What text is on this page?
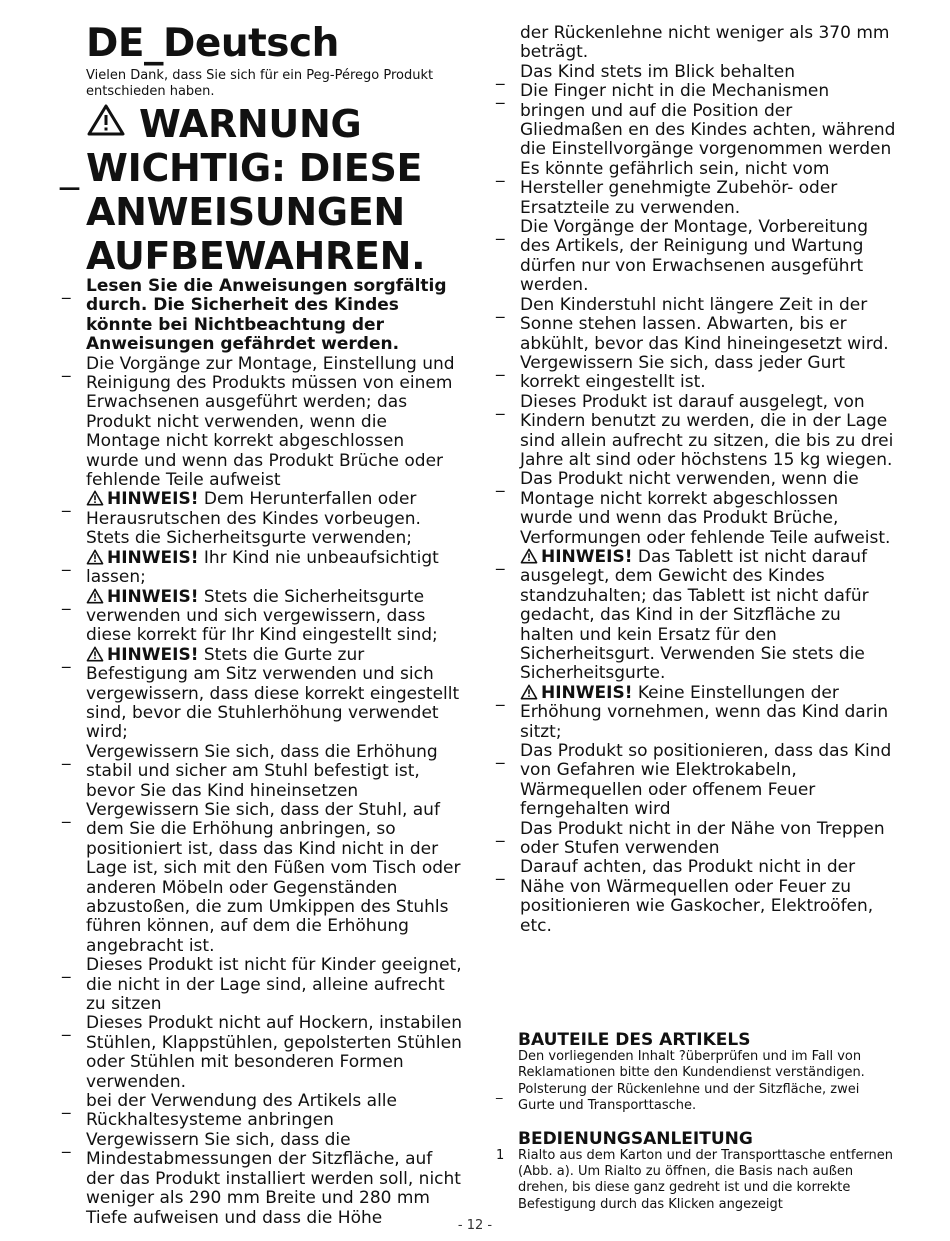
DE_Deutsch

Vielen Dank, dass Sie sich für ein Peg-Pérego Produkt entschieden haben.

_
WARNUNG
WICHTIG: DIESE
ANWEISUNGEN
AUFBEWAHREN.
_ Lesen Sie die Anweisungen sorgfältig durch. Die Sicherheit des Kindes könnte bei Nichtbeachtung der Anweisungen gefährdet werden.
_ Die Vorgänge zur Montage, Einstellung und Reinigung des Produkts müssen von einem Erwachsenen ausgeführt werden; das Produkt nicht verwenden, wenn die Montage nicht korrekt abgeschlossen wurde und wenn das Produkt Brüche oder fehlende Teile aufweist
_ HINWEIS! Dem Herunterfallen oder Herausrutschen des Kindes vorbeugen. Stets die Sicherheitsgurte verwenden;
_ HINWEIS! Ihr Kind nie unbeaufsichtigt lassen;
_ HINWEIS! Stets die Sicherheitsgurte verwenden und sich vergewissern, dass diese korrekt für Ihr Kind eingestellt sind;
_ HINWEIS! Stets die Gurte zur Befestigung am Sitz verwenden und sich vergewissern, dass diese korrekt eingestellt sind, bevor die Stuhlerhöhung verwendet wird;
_ Vergewissern Sie sich, dass die Erhöhung stabil und sicher am Stuhl befestigt ist, bevor Sie das Kind hineinsetzen
_ Vergewissern Sie sich, dass der Stuhl, auf dem Sie die Erhöhung anbringen, so positioniert ist, dass das Kind nicht in der Lage ist, sich mit den Füßen vom Tisch oder anderen Möbeln oder Gegenständen abzustoßen, die zum Umkippen des Stuhls führen können, auf dem die Erhöhung angebracht ist.
_ Dieses Produkt ist nicht für Kinder geeignet, die nicht in der Lage sind, alleine aufrecht zu sitzen
_ Dieses Produkt nicht auf Hockern, instabilen Stühlen, Klappstühlen, gepolsterten Stühlen oder Stühlen mit besonderen Formen verwenden.
_ bei der Verwendung des Artikels alle Rückhaltesysteme anbringen
_ Vergewissern Sie sich, dass die Mindestabmessungen der Sitzfläche, auf der das Produkt installiert werden soll, nicht weniger als 290 mm Breite und 280 mm Tiefe aufweisen und dass die Höhe
der Rückenlehne nicht weniger als 370 mm beträgt.
_ Das Kind stets im Blick behalten
_ Die Finger nicht in die Mechanismen bringen und auf die Position der Gliedmaßen en des Kindes achten, während die Einstellvorgänge vorgenommen werden
_ Es könnte gefährlich sein, nicht vom Hersteller genehmigte Zubehör- oder Ersatzteile zu verwenden.
_ Die Vorgänge der Montage, Vorbereitung des Artikels, der Reinigung und Wartung dürfen nur von Erwachsenen ausgeführt werden.
_ Den Kinderstuhl nicht längere Zeit in der Sonne stehen lassen. Abwarten, bis er abkühlt, bevor das Kind hineingesetzt wird.
_ Vergewissern Sie sich, dass jeder Gurt korrekt eingestellt ist.
_ Dieses Produkt ist darauf ausgelegt, von Kindern benutzt zu werden, die in der Lage sind allein aufrecht zu sitzen, die bis zu drei Jahre alt sind oder höchstens 15 kg wiegen.
_ Das Produkt nicht verwenden, wenn die Montage nicht korrekt abgeschlossen wurde und wenn das Produkt Brüche, Verformungen oder fehlende Teile aufweist.
_ HINWEIS! Das Tablett ist nicht darauf ausgelegt, dem Gewicht des Kindes standzuhalten; das Tablett ist nicht dafür gedacht, das Kind in der Sitzfläche zu halten und kein Ersatz für den Sicherheitsgurt. Verwenden Sie stets die Sicherheitsgurte.
_ HINWEIS! Keine Einstellungen der Erhöhung vornehmen, wenn das Kind darin sitzt;
_ Das Produkt so positionieren, dass das Kind von Gefahren wie Elektrokabeln, Wärmequellen oder offenem Feuer ferngehalten wird
_ Das Produkt nicht in der Nähe von Treppen oder Stufen verwenden
_ Darauf achten, das Produkt nicht in der Nähe von Wärmequellen oder Feuer zu positionieren wie Gaskocher, Elektroöfen, etc.
BAUTEILE DES ARTIKELS

Den vorliegenden Inhalt ?überprüfen und im Fall von Reklamationen bitte den Kundendienst verständigen.

_ Polsterung der Rückenlehne und der Sitzfläche, zwei Gurte und Transporttasche.
BEDIENUNGSANLEITUNG
1 Rialto aus dem Karton und der Transporttasche entfernen (Abb. a). Um Rialto zu öffnen, die Basis nach außen drehen, bis diese ganz gedreht ist und die korrekte Befestigung durch das Klicken angezeigt
- 12 -
